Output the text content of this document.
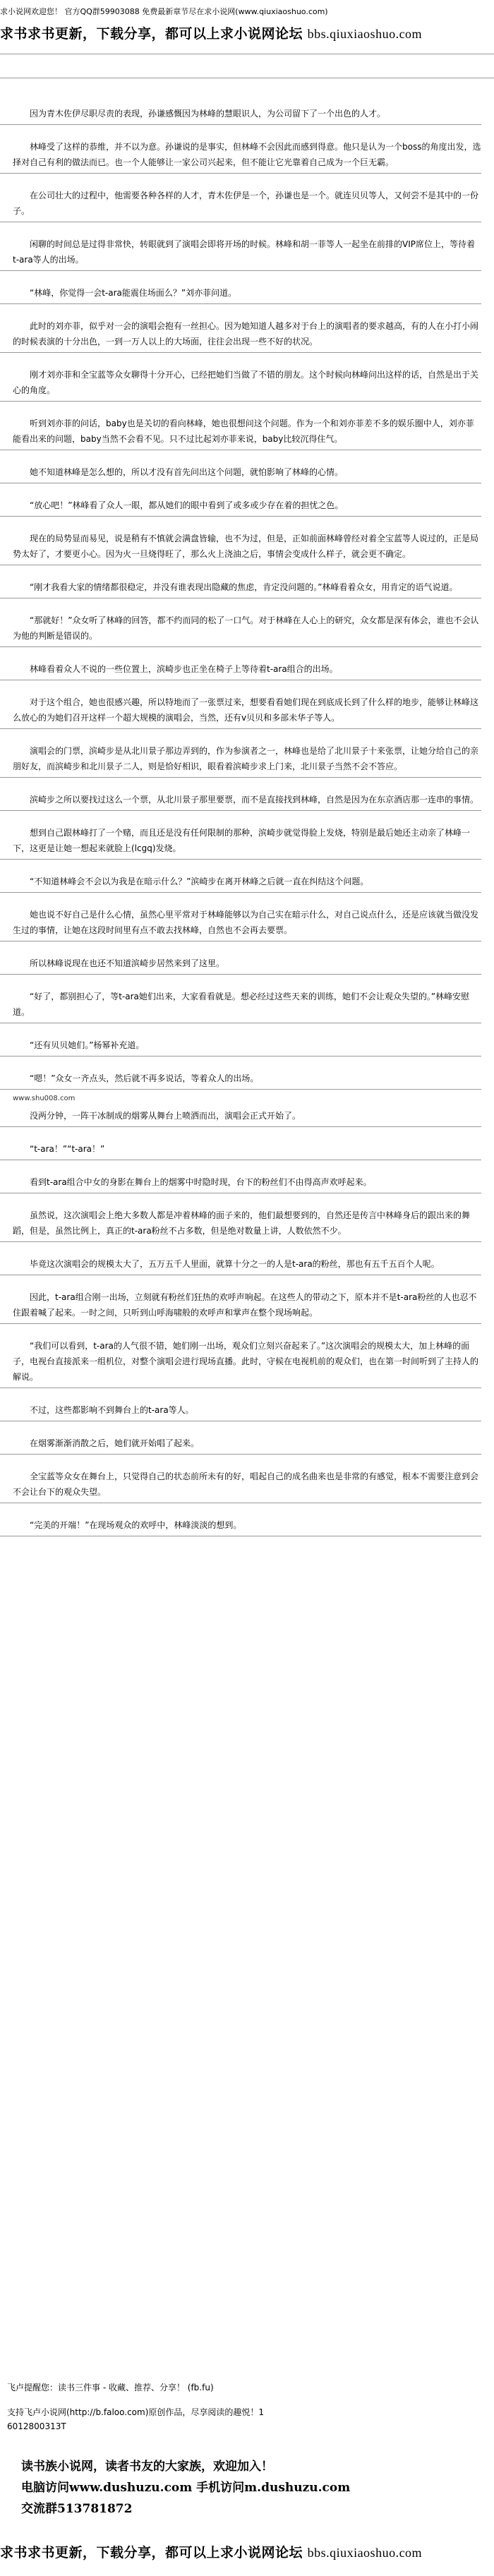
求小说网欢迎您！ 官方QQ群59903088 免费最新章节尽在求小说网(www.qiuxiaoshuo.com)
求书求书更新，下载分享，都可以上求小说网论坛 bbs.qiuxiaoshuo.com
因为青木佐伊尽职尽责的表现，孙谦感慨因为林峰的慧眼识人，为公司留下了一个出色的人才。
林峰受了这样的恭维，并不以为意。孙谦说的是事实，但林峰不会因此而感到得意。他只是认为一个boss的角度出发，选择对自己有利的做法而已。也一个人能够让一家公司兴起来，但不能让它光靠着自己成为一个巨无霸。
在公司壮大的过程中，他需要各种各样的人才，青木佐伊是一个，孙谦也是一个。就连贝贝等人，又何尝不是其中的一份子。
闲聊的时间总是过得非常快，转眼就到了演唱会即将开场的时候。林峰和胡一菲等人一起坐在前排的VIP席位上，等待着t-ara等人的出场。
“林峰，你觉得一会t-ara能震住场面么？”刘亦菲问道。
此时的刘亦菲，似乎对一会的演唱会抱有一丝担心。因为她知道人越多对于台上的演唱者的要求越高，有的人在小打小闹的时候表演的十分出色，一到一万人以上的大场面，往往会出现一些不好的状况。
刚才刘亦菲和全宝蓝等众女聊得十分开心，已经把她们当做了不错的朋友。这个时候向林峰问出这样的话，自然是出于关心的角度。
听到刘亦菲的问话，baby也是关切的看向林峰，她也很想问这个问题。作为一个和刘亦菲差不多的娱乐圈中人，刘亦菲能看出来的问题，baby当然不会看不见。只不过比起刘亦菲来说，baby比较沉得住气。
她不知道林峰是怎么想的，所以才没有首先问出这个问题，就怕影响了林峰的心情。
“放心吧！”林峰看了众人一眼，都从她们的眼中看到了或多或少存在着的担忧之色。
现在的局势显而易见，说是稍有不慎就会满盘皆输，也不为过，但是，正如前面林峰曾经对着全宝蓝等人说过的，正是局势太好了，才要更小心。因为火一旦烧得旺了，那么火上浇油之后，事情会变成什么样子，就会更不确定。
“刚才我看大家的情绪都很稳定，并没有谁表现出隐藏的焦虑，肯定没问题的。”林峰看着众女，用肯定的语气说道。
“那就好！”众女听了林峰的回答，都不约而同的松了一口气。对于林峰在人心上的研究，众女都是深有体会，谁也不会认为他的判断是错误的。
林峰看着众人不说的一些位置上，滨崎步也正坐在椅子上等待着t-ara组合的出场。
对于这个组合，她也很感兴趣，所以特地而了一张票过来，想要看看她们现在到底成长到了什么样的地步，能够让林峰这么放心的为她们召开这样一个超大规模的演唱会，当然，还有v贝贝和多部未华子等人。
演唱会的门票，滨崎步是从北川景子那边弄到的，作为参演者之一，林峰也是给了北川景子十来张票，让她分给自己的亲朋好友，而滨崎步和北川景子二人，则是恰好相识，眼看着滨崎步求上门来，北川景子当然不会不答应。
滨崎步之所以要找过这么一个票，从北川景子那里要票，而不是直接找到林峰，自然是因为在东京酒店那一连串的事情。
想到自己跟林峰打了一个赌，而且还是没有任何限制的那种，滨崎步就觉得脸上发烧，特别是最后她还主动亲了林峰一下，这更是让她一想起来就脸上(lcgq)发烧。
“不知道林峰会不会以为我是在暗示什么？”滨崎步在离开林峰之后就一直在纠结这个问题。
她也说不好自己是什么心情，虽然心里平常对于林峰能够以为自己实在暗示什么，对自己说点什么，还是应该就当做没发生过的事情，让她在这段时间里有点不敢去找林峰，自然也不会再去要票。
所以林峰说现在也还不知道滨崎步居然来到了这里。
“好了，都别担心了，等t-ara她们出来，大家看看就是。想必经过这些天来的训练，她们不会让观众失望的。”林峰安慰道。
“还有贝贝她们。”杨幂补充道。
“嗯！”众女一齐点头，然后就不再多说话，等着众人的出场。
www.shu008.com
没两分钟，一阵干冰制成的烟雾从舞台上喷洒而出，演唱会正式开始了。
“t-ara！”“t-ara！”
看到t-ara组合中女的身影在舞台上的烟雾中时隐时现，台下的粉丝们不由得高声欢呼起来。
虽然说，这次演唱会上绝大多数人都是冲着林峰的面子来的，他们最想要到的，自然还是传言中林峰身后的跟出来的舞蹈，但是，虽然比例上，真正的t-ara粉丝不占多数，但是绝对数量上讲，人数依然不少。
毕竟这次演唱会的规模太大了，五万五千人里面，就算十分之一的人是t-ara的粉丝，那也有五千五百个人呢。
因此，t-ara组合刚一出场，立刻就有粉丝们狂热的欢呼声响起。在这些人的带动之下，原本并不是t-ara粉丝的人也忍不住跟着喊了起来。一时之间，只听到山呼海啸般的欢呼声和掌声在整个现场响起。
“我们可以看到，t-ara的人气很不错，她们刚一出场，观众们立刻兴奋起来了。”这次演唱会的规模太大，加上林峰的面子，电视台直接派来一组机位，对整个演唱会进行现场直播。此时，守候在电视机前的观众们，也在第一时间听到了主持人的解说。
不过，这些都影响不到舞台上的t-ara等人。
在烟雾渐渐消散之后，她们就开始唱了起来。
全宝蓝等众女在舞台上，只觉得自己的状态前所未有的好，唱起自己的成名曲来也是非常的有感觉，根本不需要注意到会不会让台下的观众失望。
“完美的开端！”在现场观众的欢呼中，林峰淡淡的想到。
飞卢提醒您：读书三件事 - 收藏、推荐、分享！ (fb.fu)
支持飞卢小说网(http://b.faloo.com)原创作品，尽享阅读的趣悦！1
6012800313T
读书族小说网，读者书友的大家族，欢迎加入！
电脑访问www.dushuzu.com 手机访问m.dushuzu.com
交流群513781872
求书求书更新，下载分享，都可以上求小说网论坛 bbs.qiuxiaoshuo.com
